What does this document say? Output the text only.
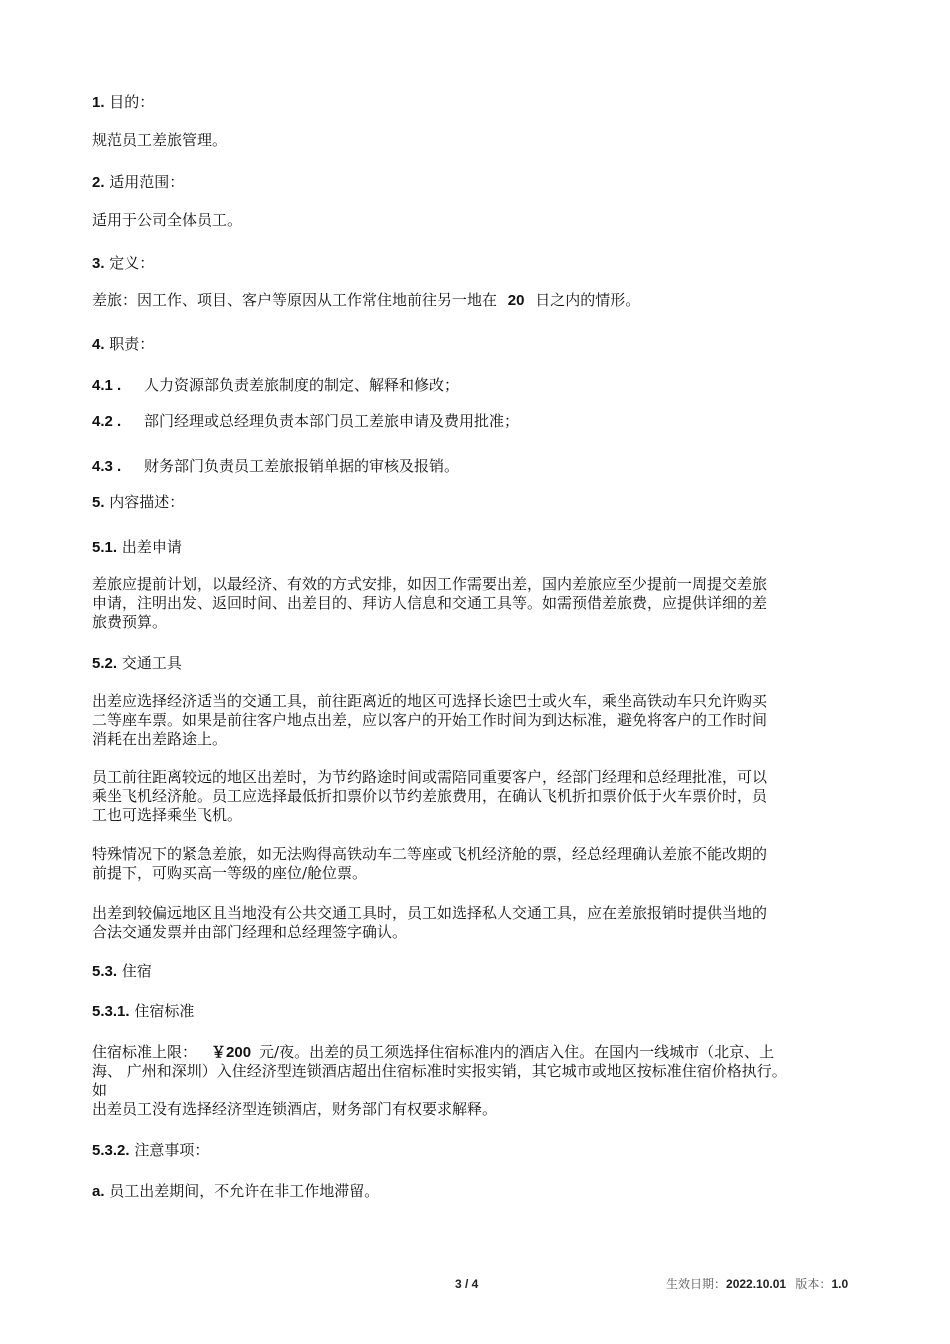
1. 目的：
规范员工差旅管理。
2. 适用范围：
适用于公司全体员工。
3. 定义：
差旅：因工作、项目、客户等原因从工作常住地前往另一地在 20 日之内的情形。
4. 职责：
4.1 . 人力资源部负责差旅制度的制定、解释和修改；
4.2 . 部门经理或总经理负责本部门员工差旅申请及费用批准；
4.3 . 财务部门负责员工差旅报销单据的审核及报销。
5. 内容描述：
5.1. 出差申请
差旅应提前计划，以最经济、有效的方式安排，如因工作需要出差，国内差旅应至少提前一周提交差旅
申请，注明出发、返回时间、出差目的、拜访人信息和交通工具等。如需预借差旅费，应提供详细的差
旅费预算。
5.2. 交通工具
出差应选择经济适当的交通工具，前往距离近的地区可选择长途巴士或火车，乘坐高铁动车只允许购买
二等座车票。如果是前往客户地点出差，应以客户的开始工作时间为到达标准，避免将客户的工作时间
消耗在出差路途上。
员工前往距离较远的地区出差时，为节约路途时间或需陪同重要客户，经部门经理和总经理批准，可以
乘坐飞机经济舱。员工应选择最低折扣票价以节约差旅费用，在确认飞机折扣票价低于火车票价时，员
工也可选择乘坐飞机。
特殊情况下的紧急差旅，如无法购得高铁动车二等座或飞机经济舱的票，经总经理确认差旅不能改期的
前提下，可购买高一等级的座位/舱位票。
出差到较偏远地区且当地没有公共交通工具时，员工如选择私人交通工具，应在差旅报销时提供当地的
合法交通发票并由部门经理和总经理签字确认。
5.3. 住宿
5.3.1. 住宿标准
住宿标准上限： ￥200 元/夜。出差的员工须选择住宿标准内的酒店入住。在国内一线城市（北京、上
海、 广州和深圳）入住经济型连锁酒店超出住宿标准时实报实销，其它城市或地区按标准住宿价格执行。
如
出差员工没有选择经济型连锁酒店，财务部门有权要求解释。
5.3.2. 注意事项：
a. 员工出差期间，不允许在非工作地滞留。
3 / 4	生效日期：2022.10.01 版本：1.0
